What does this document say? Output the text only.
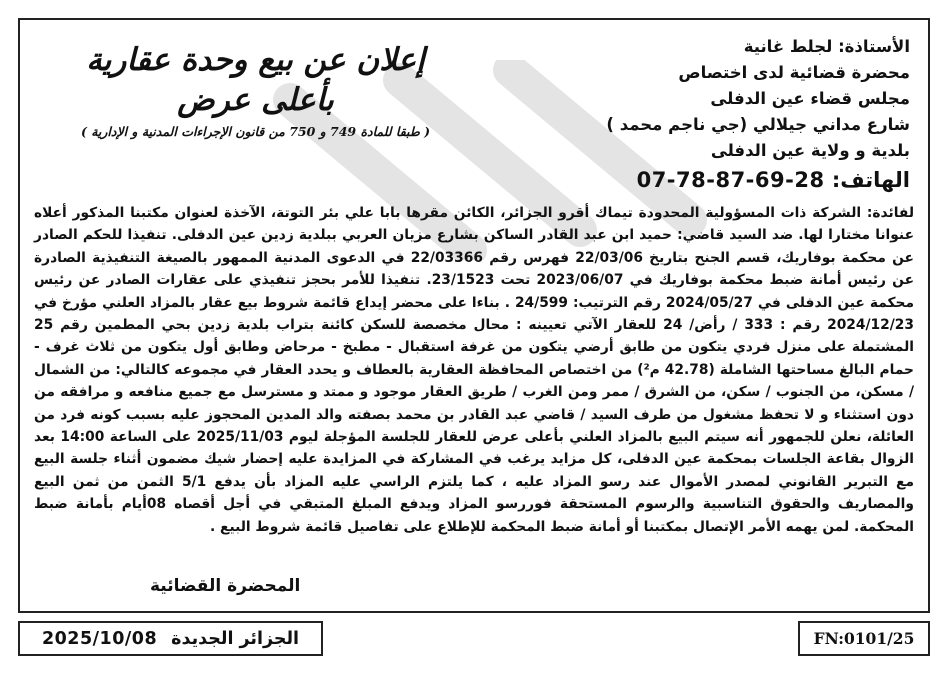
الأستاذة: لجلط غانية
محضرة قضائية لدى اختصاص
مجلس قضاء عين الدفلى
شارع مداني جيلالي (جي ناجم محمد )
بلدية و ولاية عين الدفلى
الهاتف: 07-78-87-69-28
إعلان عن بيع وحدة عقارية
بأعلى عرض
( طبقا للمادة 749 و 750 من قانون الإجراءات المدنية و الإدارية )
لفائدة: الشركة ذات المسؤولية المحدودة تيماك أقرو الجزائر، الكائن مقرها بابا علي بئر التوتة، الآخذة لعنوان مكتبنا المذكور أعلاه عنوانا مختارا لها. ضد السيد قاضي: حميد ابن عبد القادر الساكن بشارع مزيان العربي ببلدية زدين عين الدفلى. تنفيذا للحكم الصادر عن محكمة بوفاريك، قسم الجنح بتاريخ 22/03/06 فهرس رقم 22/03366 في الدعوى المدنية الممهور بالصيغة التنفيذية الصادرة عن رئيس أمانة ضبط محكمة بوفاريك في 2023/06/07 تحت 23/1523. تنفيذا للأمر بحجز تنفيذي على عقارات الصادر عن رئيس محكمة عين الدفلى في 2024/05/27 رقم الترتيب: 24/599 . بناءا على محضر إيداع قائمة شروط بيع عقار بالمزاد العلني مؤرخ في 2024/12/23 رقم : 333 / رأض/ 24 للعقار الآتي تعيينه : محال مخصصة للسكن كائنة بتراب بلدية زدين بحي المطمين رقم 25 المشتملة على منزل فردي يتكون من طابق أرضي يتكون من غرفة استقبال - مطبخ - مرحاض وطابق أول يتكون من ثلاث غرف - حمام البالغ مساحتها الشاملة (42.78 م²) من اختصاص المحافظة العقارية بالعطاف و يحدد العقار في مجموعه كالتالي: من الشمال / مسكن، من الجنوب / سكن، من الشرق / ممر ومن الغرب / طريق العقار موجود و ممتد و مسترسل مع جميع منافعه و مرافقه من دون استثناء و لا تحفظ مشغول من طرف السيد / قاضي عبد القادر بن محمد بصفته والد المدين المحجوز عليه بسبب كونه فرد من العائلة، نعلن للجمهور أنه سيتم البيع بالمزاد العلني بأعلى عرض للعقار للجلسة المؤجلة ليوم 2025/11/03 على الساعة 14:00 بعد الزوال بقاعة الجلسات بمحكمة عين الدفلى، كل مزايد يرغب في المشاركة في المزايدة عليه إحضار شيك مضمون أثناء جلسة البيع مع التبرير القانوني لمصدر الأموال عند رسو المزاد عليه ، كما يلتزم الراسي عليه المزاد بأن يدفع 5/1 الثمن من ثمن البيع والمصاريف والحقوق التناسبية والرسوم المستحقة فوررسو المزاد ويدفع المبلغ المتبقي في أجل أقصاه 08أيام بأمانة ضبط المحكمة. لمن يهمه الأمر الإتصال بمكتبنا أو أمانة ضبط المحكمة للإطلاع على تفاصيل قائمة شروط البيع .
المحضرة القضائية
2025/10/08 الجزائر الجديدة	FN:0101/25
